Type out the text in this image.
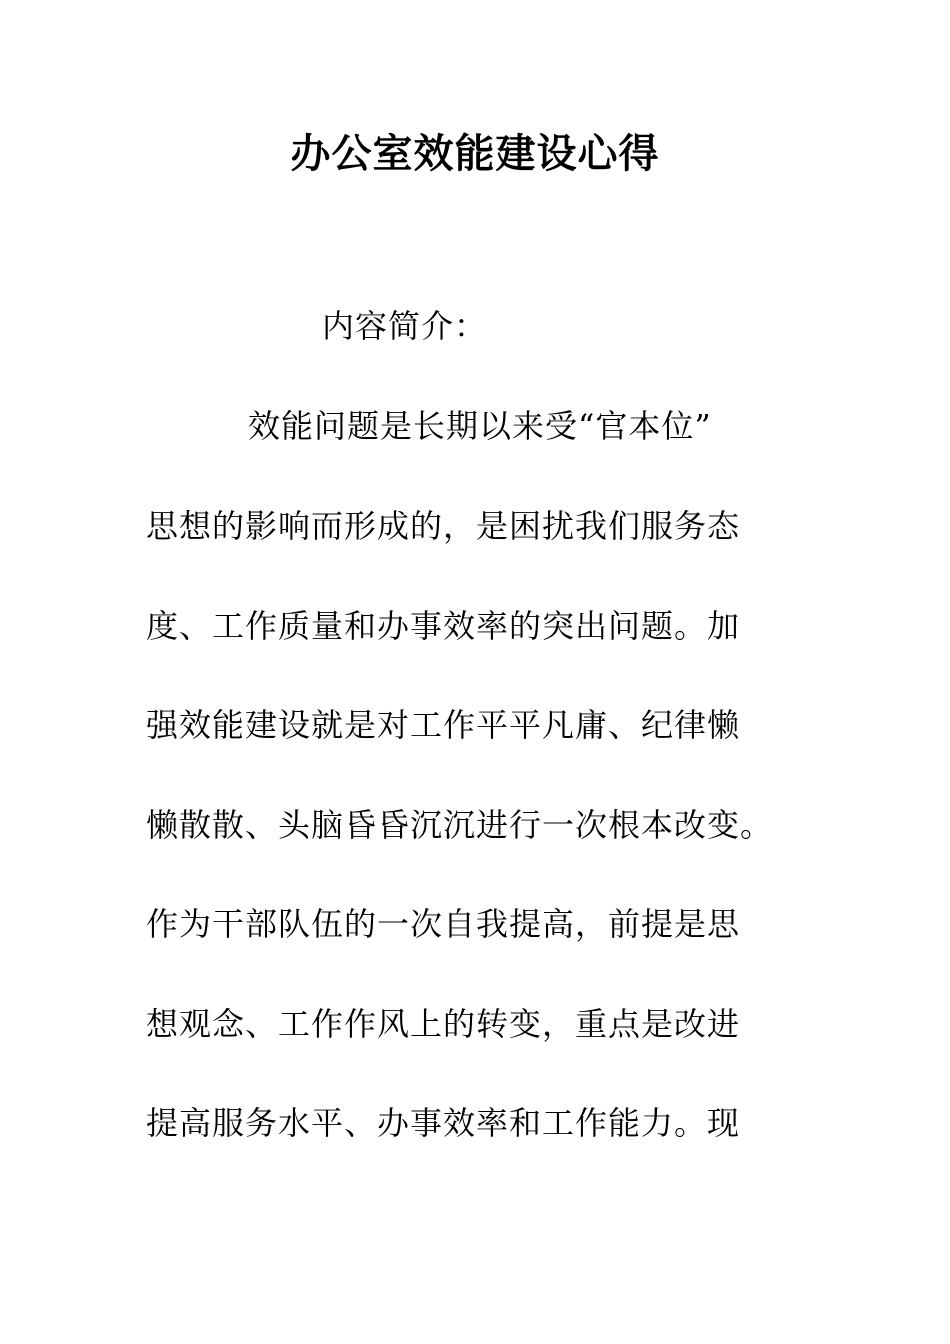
办公室效能建设心得
内容简介：
效能问题是长期以来受“官本位”
思想的影响而形成的，是困扰我们服务态
度、工作质量和办事效率的突出问题。加
强效能建设就是对工作平平凡庸、纪律懒
懒散散、头脑昏昏沉沉进行一次根本改变。
作为干部队伍的一次自我提高，前提是思
想观念、工作作风上的转变，重点是改进
提高服务水平、办事效率和工作能力。现
